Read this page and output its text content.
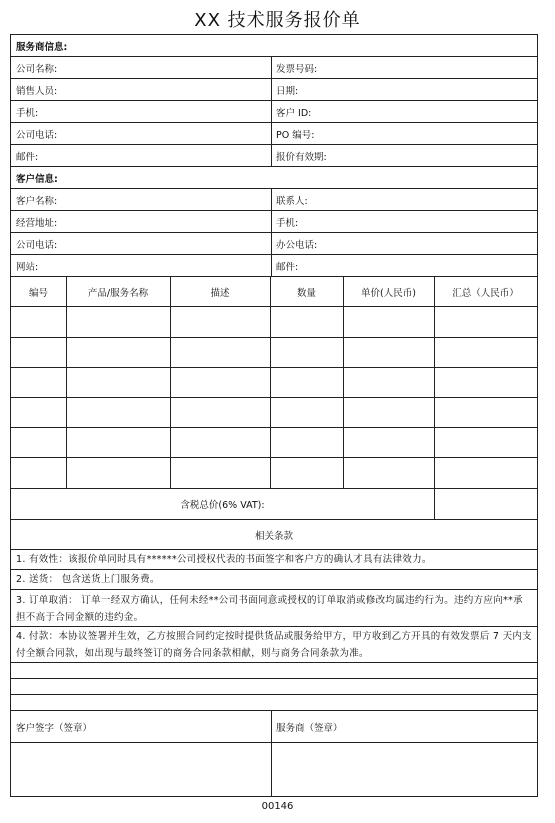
XX 技术服务报价单
服务商信息:
公司名称:	发票号码:
销售人员:	日期:
手机:	客户 ID:
公司电话:	PO 编号:
邮件:	报价有效期:
客户信息:
客户名称:	联系人:
经营地址:	手机:
公司电话:	办公电话:
网站:	邮件:
编号	产品/服务名称	描述	数量	单价(人民币)	汇总（人民币）
含税总价(6% VAT):
相关条款
1. 有效性：该报价单同时具有******公司授权代表的书面签字和客户方的确认才具有法律效力。
2. 送货： 包含送货上门服务费。
3. 订单取消： 订单一经双方确认，任何未经**公司书面同意或授权的订单取消或修改均属违约行为。违约方应向**承担不高于合同金额的违约金。
4. 付款：本协议签署并生效，乙方按照合同约定按时提供货品或服务给甲方，甲方收到乙方开具的有效发票后 7 天内支付全额合同款，如出现与最终签订的商务合同条款相献，则与商务合同条款为准。
客户签字（签章）	服务商（签章）
00146
